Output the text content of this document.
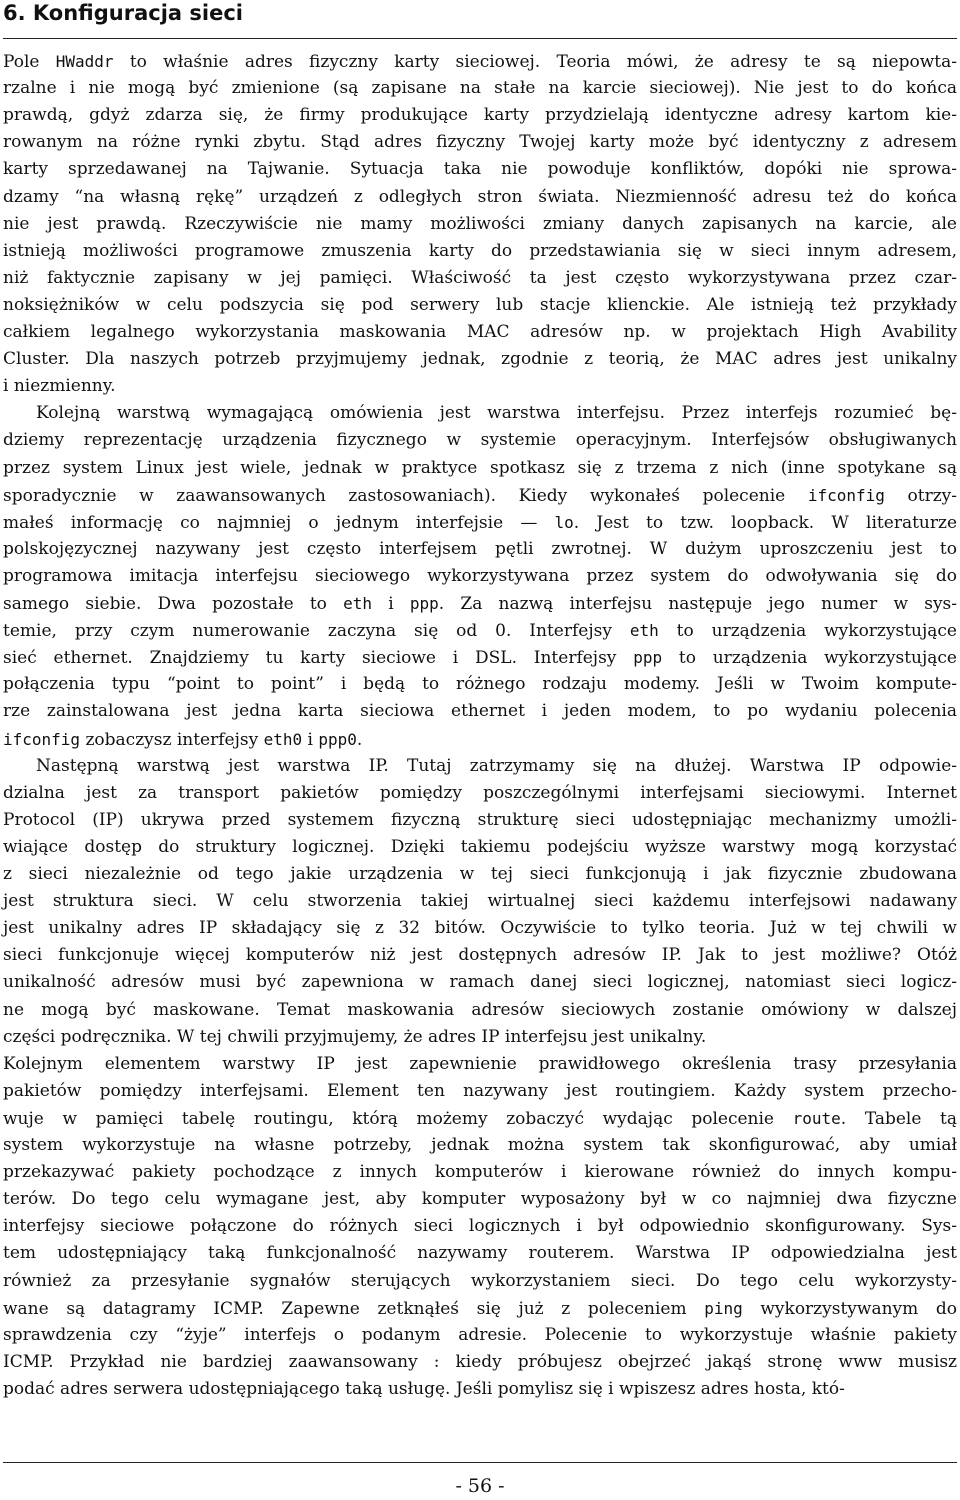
6. Konfiguracja sieci
Pole HWaddr to właśnie adres fizyczny karty sieciowej. Teoria mówi, że adresy te są niepowta-
rzalne i nie mogą być zmienione (są zapisane na stałe na karcie sieciowej). Nie jest to do końca
prawdą, gdyż zdarza się, że firmy produkujące karty przydzielają identyczne adresy kartom kie-
rowanym na różne rynki zbytu. Stąd adres fizyczny Twojej karty może być identyczny z adresem
karty sprzedawanej na Tajwanie. Sytuacja taka nie powoduje konfliktów, dopóki nie sprowa-
dzamy “na własną rękę” urządzeń z odległych stron świata. Niezmienność adresu też do końca
nie jest prawdą. Rzeczywiście nie mamy możliwości zmiany danych zapisanych na karcie, ale
istnieją możliwości programowe zmuszenia karty do przedstawiania się w sieci innym adresem,
niż faktycznie zapisany w jej pamięci. Właściwość ta jest często wykorzystywana przez czar-
noksiężników w celu podszycia się pod serwery lub stacje klienckie. Ale istnieją też przykłady
całkiem legalnego wykorzystania maskowania MAC adresów np. w projektach High Avability
Cluster. Dla naszych potrzeb przyjmujemy jednak, zgodnie z teorią, że MAC adres jest unikalny
i niezmienny.
Kolejną warstwą wymagającą omówienia jest warstwa interfejsu. Przez interfejs rozumieć bę-
dziemy reprezentację urządzenia fizycznego w systemie operacyjnym. Interfejsów obsługiwanych
przez system Linux jest wiele, jednak w praktyce spotkasz się z trzema z nich (inne spotykane są
sporadycznie w zaawansowanych zastosowaniach). Kiedy wykonałeś polecenie ifconfig otrzy-
małeś informację co najmniej o jednym interfejsie — lo. Jest to tzw. loopback. W literaturze
polskojęzycznej nazywany jest często interfejsem pętli zwrotnej. W dużym uproszczeniu jest to
programowa imitacja interfejsu sieciowego wykorzystywana przez system do odwoływania się do
samego siebie. Dwa pozostałe to eth i ppp. Za nazwą interfejsu następuje jego numer w sys-
temie, przy czym numerowanie zaczyna się od 0. Interfejsy eth to urządzenia wykorzystujące
sieć ethernet. Znajdziemy tu karty sieciowe i DSL. Interfejsy ppp to urządzenia wykorzystujące
połączenia typu “point to point” i będą to różnego rodzaju modemy. Jeśli w Twoim kompute-
rze zainstalowana jest jedna karta sieciowa ethernet i jeden modem, to po wydaniu polecenia
ifconfig zobaczysz interfejsy eth0 i ppp0.
Następną warstwą jest warstwa IP. Tutaj zatrzymamy się na dłużej. Warstwa IP odpowie-
dzialna jest za transport pakietów pomiędzy poszczególnymi interfejsami sieciowymi. Internet
Protocol (IP) ukrywa przed systemem fizyczną strukturę sieci udostępniając mechanizmy umożli-
wiające dostęp do struktury logicznej. Dzięki takiemu podejściu wyższe warstwy mogą korzystać
z sieci niezależnie od tego jakie urządzenia w tej sieci funkcjonują i jak fizycznie zbudowana
jest struktura sieci. W celu stworzenia takiej wirtualnej sieci każdemu interfejsowi nadawany
jest unikalny adres IP składający się z 32 bitów. Oczywiście to tylko teoria. Już w tej chwili w
sieci funkcjonuje więcej komputerów niż jest dostępnych adresów IP. Jak to jest możliwe? Otóż
unikalność adresów musi być zapewniona w ramach danej sieci logicznej, natomiast sieci logicz-
ne mogą być maskowane. Temat maskowania adresów sieciowych zostanie omówiony w dalszej
części podręcznika. W tej chwili przyjmujemy, że adres IP interfejsu jest unikalny.
Kolejnym elementem warstwy IP jest zapewnienie prawidłowego określenia trasy przesyłania
pakietów pomiędzy interfejsami. Element ten nazywany jest routingiem. Każdy system przecho-
wuje w pamięci tabelę routingu, którą możemy zobaczyć wydając polecenie route. Tabele tą
system wykorzystuje na własne potrzeby, jednak można system tak skonfigurować, aby umiał
przekazywać pakiety pochodzące z innych komputerów i kierowane również do innych kompu-
terów. Do tego celu wymagane jest, aby komputer wyposażony był w co najmniej dwa fizyczne
interfejsy sieciowe połączone do różnych sieci logicznych i był odpowiednio skonfigurowany. Sys-
tem udostępniający taką funkcjonalność nazywamy routerem. Warstwa IP odpowiedzialna jest
również za przesyłanie sygnałów sterujących wykorzystaniem sieci. Do tego celu wykorzysty-
wane są datagramy ICMP. Zapewne zetknąłeś się już z poleceniem ping wykorzystywanym do
sprawdzenia czy “żyje” interfejs o podanym adresie. Polecenie to wykorzystuje właśnie pakiety
ICMP. Przykład nie bardziej zaawansowany : kiedy próbujesz obejrzeć jakąś stronę www musisz
podać adres serwera udostępniającego taką usługę. Jeśli pomylisz się i wpiszesz adres hosta, któ-
- 56 -
